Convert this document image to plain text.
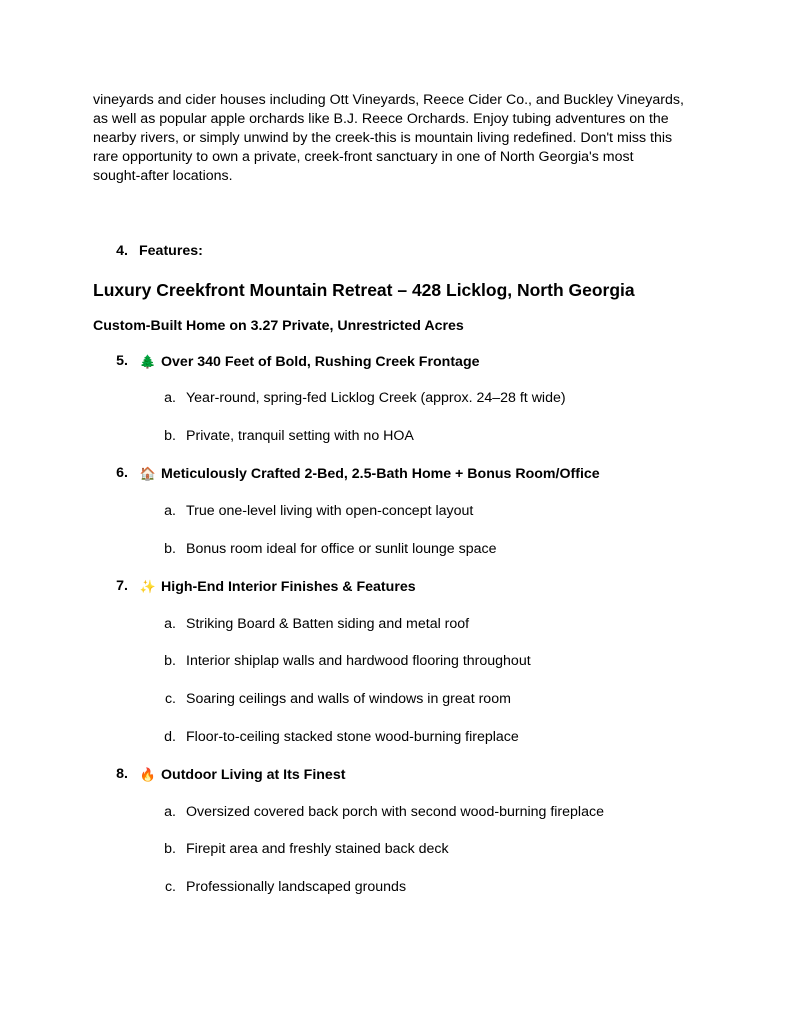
vineyards and cider houses including Ott Vineyards, Reece Cider Co., and Buckley Vineyards,

as well as popular apple orchards like B.J. Reece Orchards. Enjoy tubing adventures on the

nearby rivers, or simply unwind by the creek-this is mountain living redefined. Don't miss this

rare opportunity to own a private, creek-front sanctuary in one of North Georgia's most

sought-after locations.

4. Features:
Luxury Creekfront Mountain Retreat – 428 Licklog, North Georgia
Custom-Built Home on 3.27 Private, Unrestricted Acres
5. 🌲 Over 340 Feet of Bold, Rushing Creek Frontage
a. Year-round, spring-fed Licklog Creek (approx. 24–28 ft wide)
b. Private, tranquil setting with no HOA
6. 🏠 Meticulously Crafted 2-Bed, 2.5-Bath Home + Bonus Room/Office
a. True one-level living with open-concept layout
b. Bonus room ideal for office or sunlit lounge space
7. ✨ High-End Interior Finishes & Features
a. Striking Board & Batten siding and metal roof
b. Interior shiplap walls and hardwood flooring throughout
c. Soaring ceilings and walls of windows in great room
d. Floor-to-ceiling stacked stone wood-burning fireplace
8. 🔥 Outdoor Living at Its Finest
a. Oversized covered back porch with second wood-burning fireplace
b. Firepit area and freshly stained back deck
c. Professionally landscaped grounds
